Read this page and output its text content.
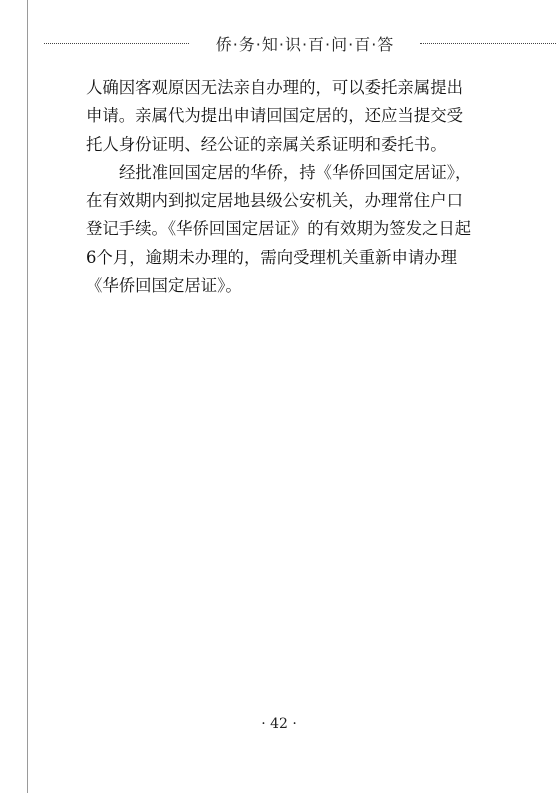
侨·务·知·识·百·问·百·答
人确因客观原因无法亲自办理的，可以委托亲属提出
申请。亲属代为提出申请回国定居的，还应当提交受
托人身份证明、经公证的亲属关系证明和委托书。
经批准回国定居的华侨，持《华侨回国定居证》，
在有效期内到拟定居地县级公安机关，办理常住户口
登记手续。《华侨回国定居证》的有效期为签发之日起
6个月，逾期未办理的，需向受理机关重新申请办理
《华侨回国定居证》。
· 42 ·
